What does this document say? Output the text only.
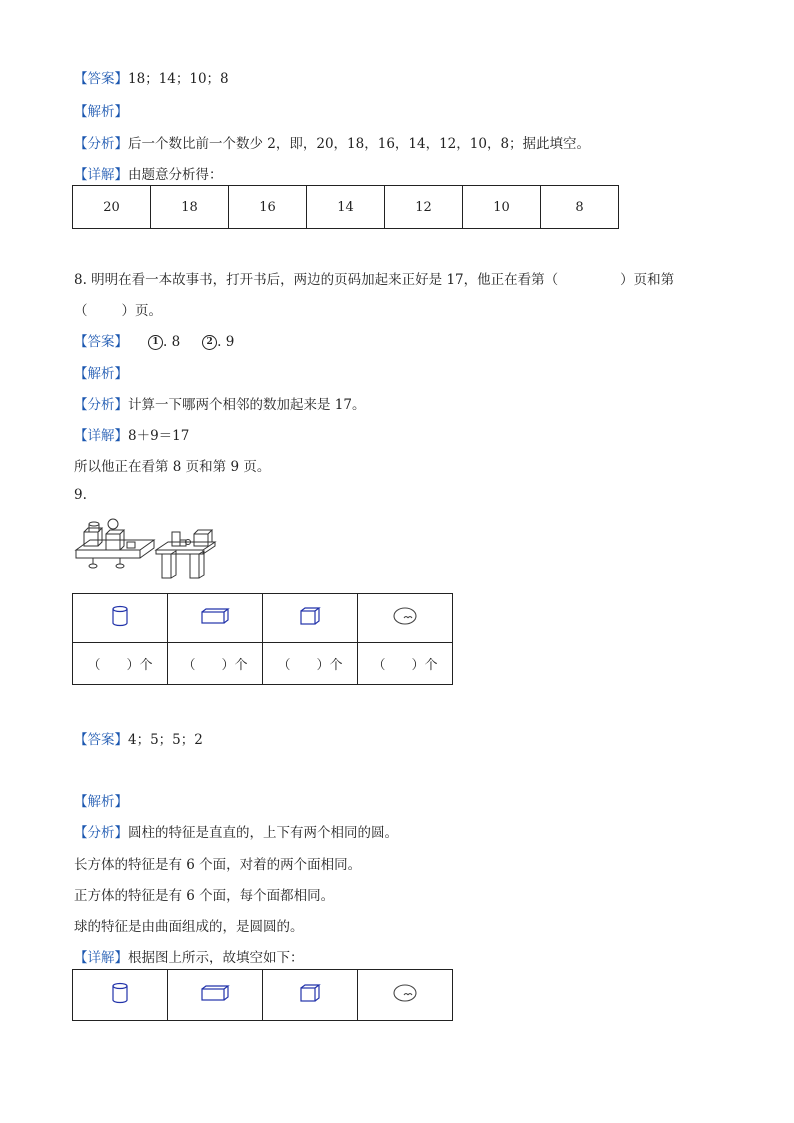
【答案】18；14；10；8
【解析】
【分析】后一个数比前一个数少 2，即，20，18，16，14，12，10，8；据此填空。
【详解】由题意分析得：
20	18	16	14	12	10	8
8. 明明在看一本故事书，打开书后，两边的页码加起来正好是 17，他正在看第（	）页和第
（	）页。
【答案】	1 . 8	2 . 9
【解析】
【分析】计算一下哪两个相邻的数加起来是 17。
【详解】8＋9＝17
所以他正在看第 8 页和第 9 页。
9.

（ ）个	（ ）个	（ ）个	（ ）个
【答案】4；5；5；2
【解析】
【分析】圆柱的特征是直直的，上下有两个相同的圆。
长方体的特征是有 6 个面，对着的两个面相同。
正方体的特征是有 6 个面，每个面都相同。
球的特征是由曲面组成的，是圆圆的。
【详解】根据图上所示，故填空如下：
